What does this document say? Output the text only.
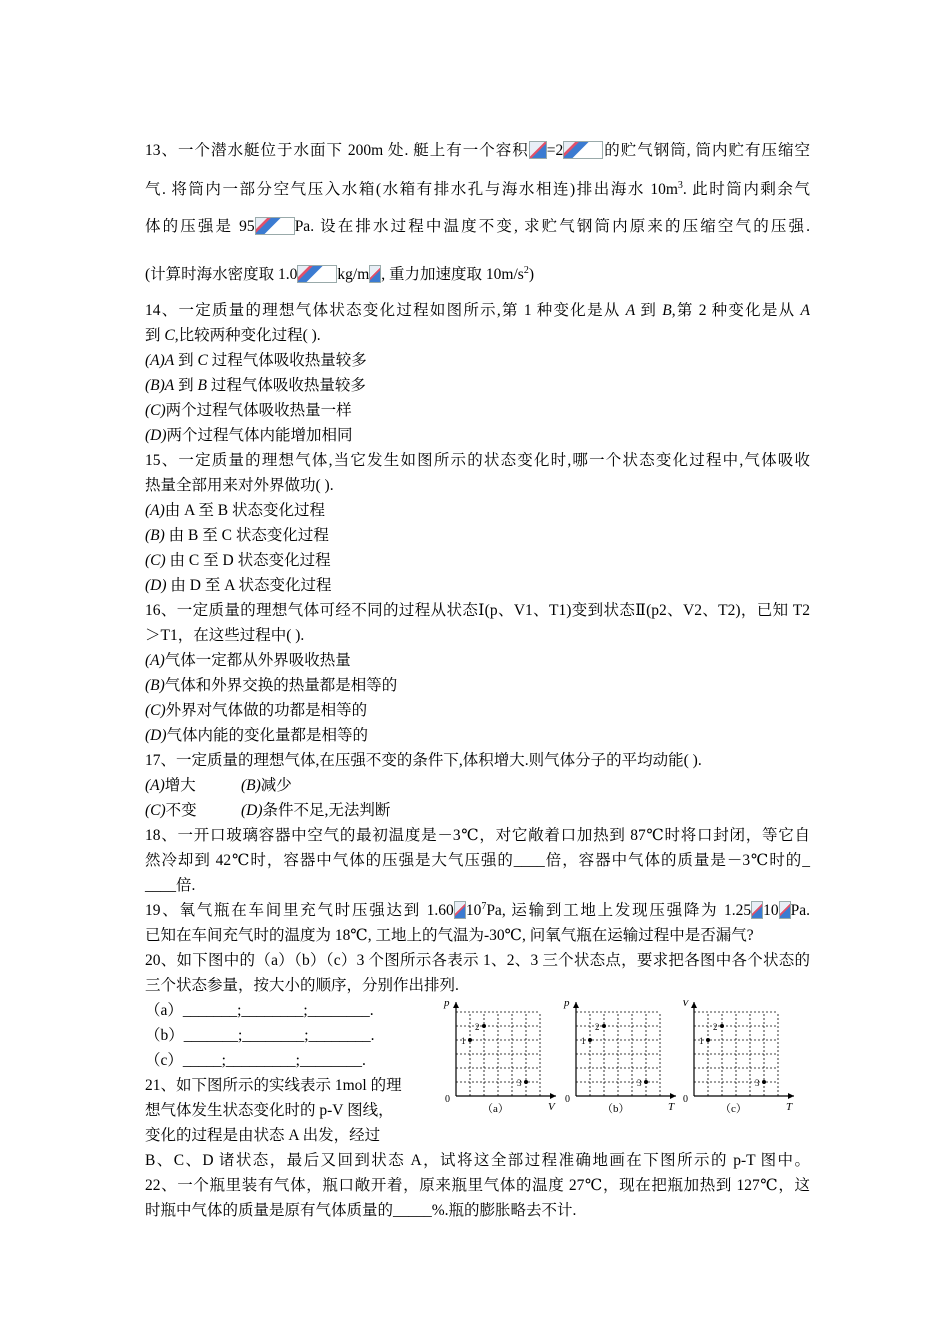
13、一个潜水艇位于水面下 200m 处. 艇上有一个容积 =2	的贮气钢筒, 筒内贮有压缩空
气. 将筒内一部分空气压入水箱(水箱有排水孔与海水相连)排出海水 $10m^3$. 此时筒内剩余气
体的压强是 95	Pa. 设在排水过程中温度不变, 求贮气钢筒内原来的压缩空气的压强.
(计算时海水密度取 1.0	kg/m , 重力加速度取 $10m/s^2$)
14、一定质量的理想气体状态变化过程如图所示,第 1 种变化是从 A 到 B,第 2 种变化是从 A
到 C,比较两种变化过程( ).
(A)A 到 C 过程气体吸收热量较多
(B)A 到 B 过程气体吸收热量较多
(C)两个过程气体吸收热量一样
(D)两个过程气体内能增加相同
15、一定质量的理想气体,当它发生如图所示的状态变化时,哪一个状态变化过程中,气体吸收
热量全部用来对外界做功( ).
(A)由 A 至 B 状态变化过程
(B) 由 B 至 C 状态变化过程
(C) 由 C 至 D 状态变化过程
(D) 由 D 至 A 状态变化过程
16、一定质量的理想气体可经不同的过程从状态Ⅰ(p、V1、T1)变到状态Ⅱ(p2、V2、T2)，已知 T2
＞T1，在这些过程中( ).
(A)气体一定都从外界吸收热量
(B)气体和外界交换的热量都是相等的
(C)外界对气体做的功都是相等的
(D)气体内能的变化量都是相等的
17、一定质量的理想气体,在压强不变的条件下,体积增大.则气体分子的平均动能( ).
(A)增大	(B)减少
(C)不变	(D)条件不足,无法判断
18、一开口玻璃容器中空气的最初温度是－3℃，对它敞着口加热到 87℃时将口封闭，等它自
然冷却到 42℃时，容器中气体的压强是大气压强的____倍，容器中气体的质量是－3℃时的_
____倍.
19、氧气瓶在车间里充气时压强达到 1.60 $10^7Pa$, 运输到工地上发现压强降为 1.25 10 Pa.
已知在车间充气时的温度为 18℃, 工地上的气温为-30℃, 问氧气瓶在运输过程中是否漏气?
20、如下图中的（a）（b）（c）3 个图所示各表示 1、2、3 三个状态点，要求把各图中各个状态的
三个状态参量，按大小的顺序，分别作出排列.
（a）_______;________;________.
（b）_______;________;________.
（c）_____;_________;________.
21、如下图所示的实线表示 1mol 的理
想气体发生状态变化时的 p-V 图线，
变化的过程是由状态 A 出发，经过
B、C、D 诸状态，最后又回到状态 A，试将这全部过程准确地画在下图所示的 p-T 图中。
22、一个瓶里装有气体，瓶口敞开着，原来瓶里气体的温度 27℃，现在把瓶加热到 127℃，这
时瓶中气体的质量是原有气体质量的_____%.瓶的膨胀略去不计.
p
V
0
（a）
1
2
3
p
T
0
（b）
1
2
3
V
T
0
（c）
1
2
3
